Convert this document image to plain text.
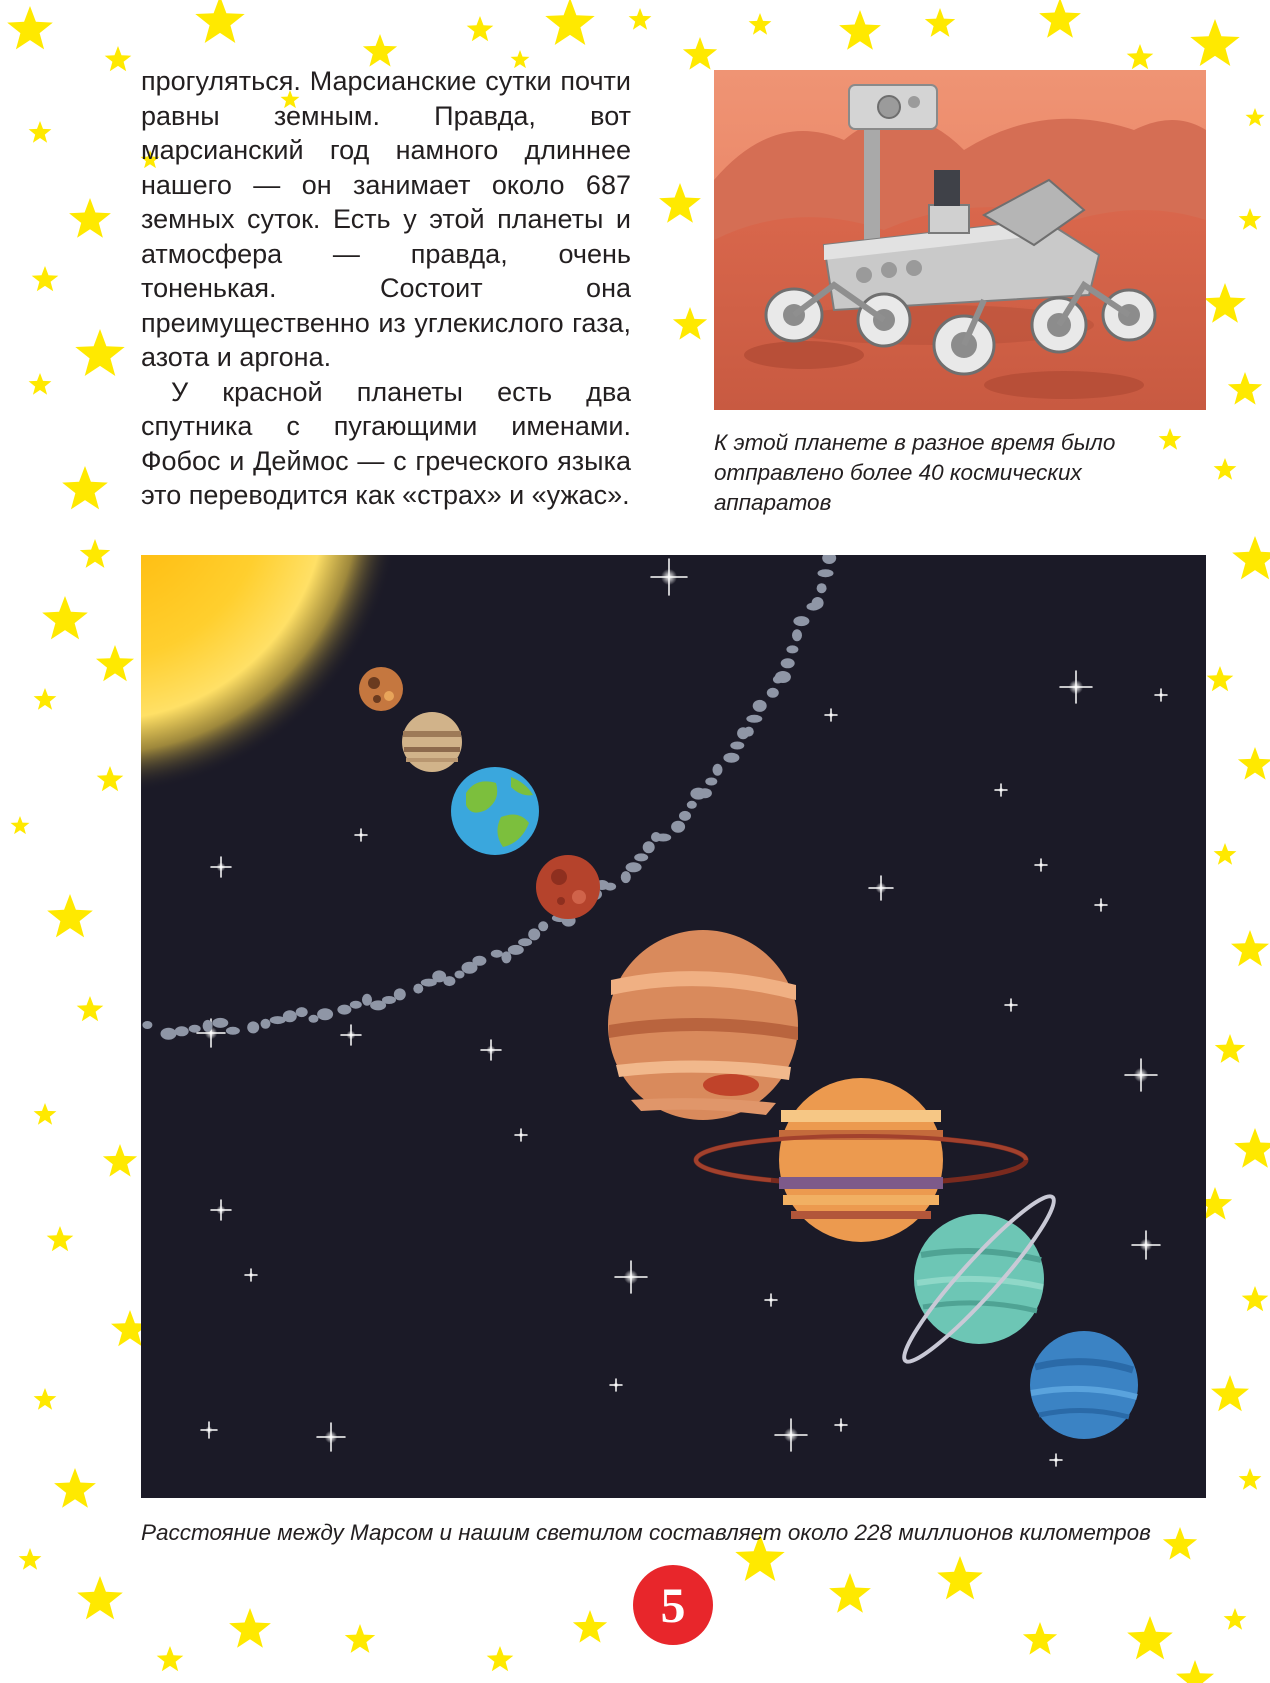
прогуляться. Марсианские сутки почти равны земным. Правда, вот марсианский год намного длиннее нашего — он занимает около 687 земных суток. Есть у этой планеты и атмосфера — правда, очень тоненькая. Состоит она преимущественно из углекислого газа, азота и аргона.

У красной планеты есть два спутника с пугающими именами. Фобос и Деймос — с греческого языка это переводится как «страх» и «ужас».

К этой планете в разное время было отправлено более 40 космических аппаратов
Расстояние между Марсом и нашим светилом составляет около 228 миллионов километров
5
